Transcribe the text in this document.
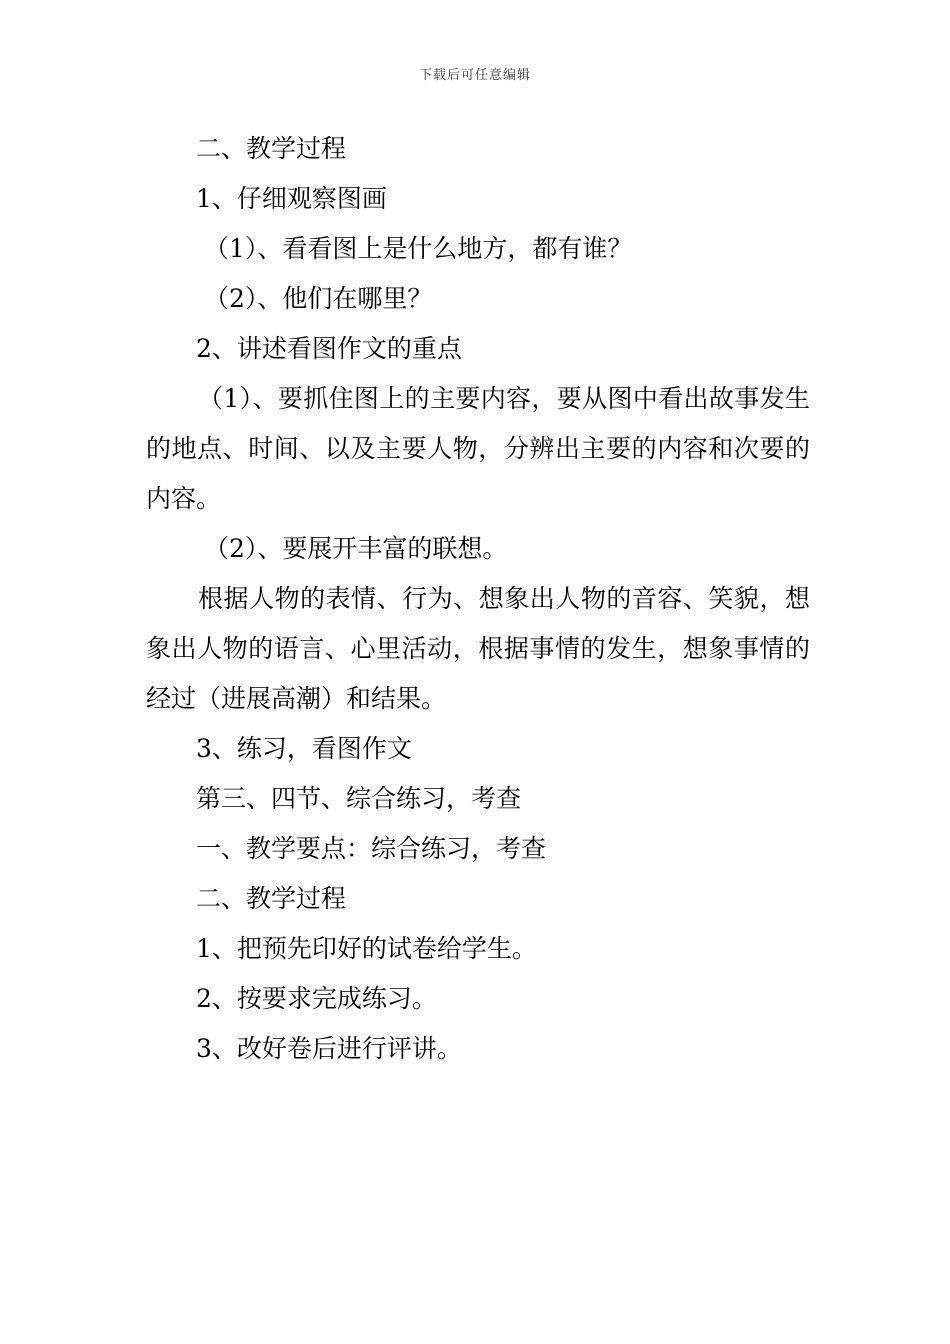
下载后可任意编辑

二、教学过程

1、仔细观察图画

（1）、看看图上是什么地方，都有谁？

（2）、他们在哪里？

2、讲述看图作文的重点

（1）、要抓住图上的主要内容，要从图中看出故事发生的地点、时间、以及主要人物，分辨出主要的内容和次要的内容。

（2）、要展开丰富的联想。

根据人物的表情、行为、想象出人物的音容、笑貌，想象出人物的语言、心里活动，根据事情的发生，想象事情的经过（进展高潮）和结果。

3、练习，看图作文

第三、四节、综合练习，考查

一、教学要点：综合练习，考查

二、教学过程

1、把预先印好的试卷给学生。

2、按要求完成练习。

3、改好卷后进行评讲。
